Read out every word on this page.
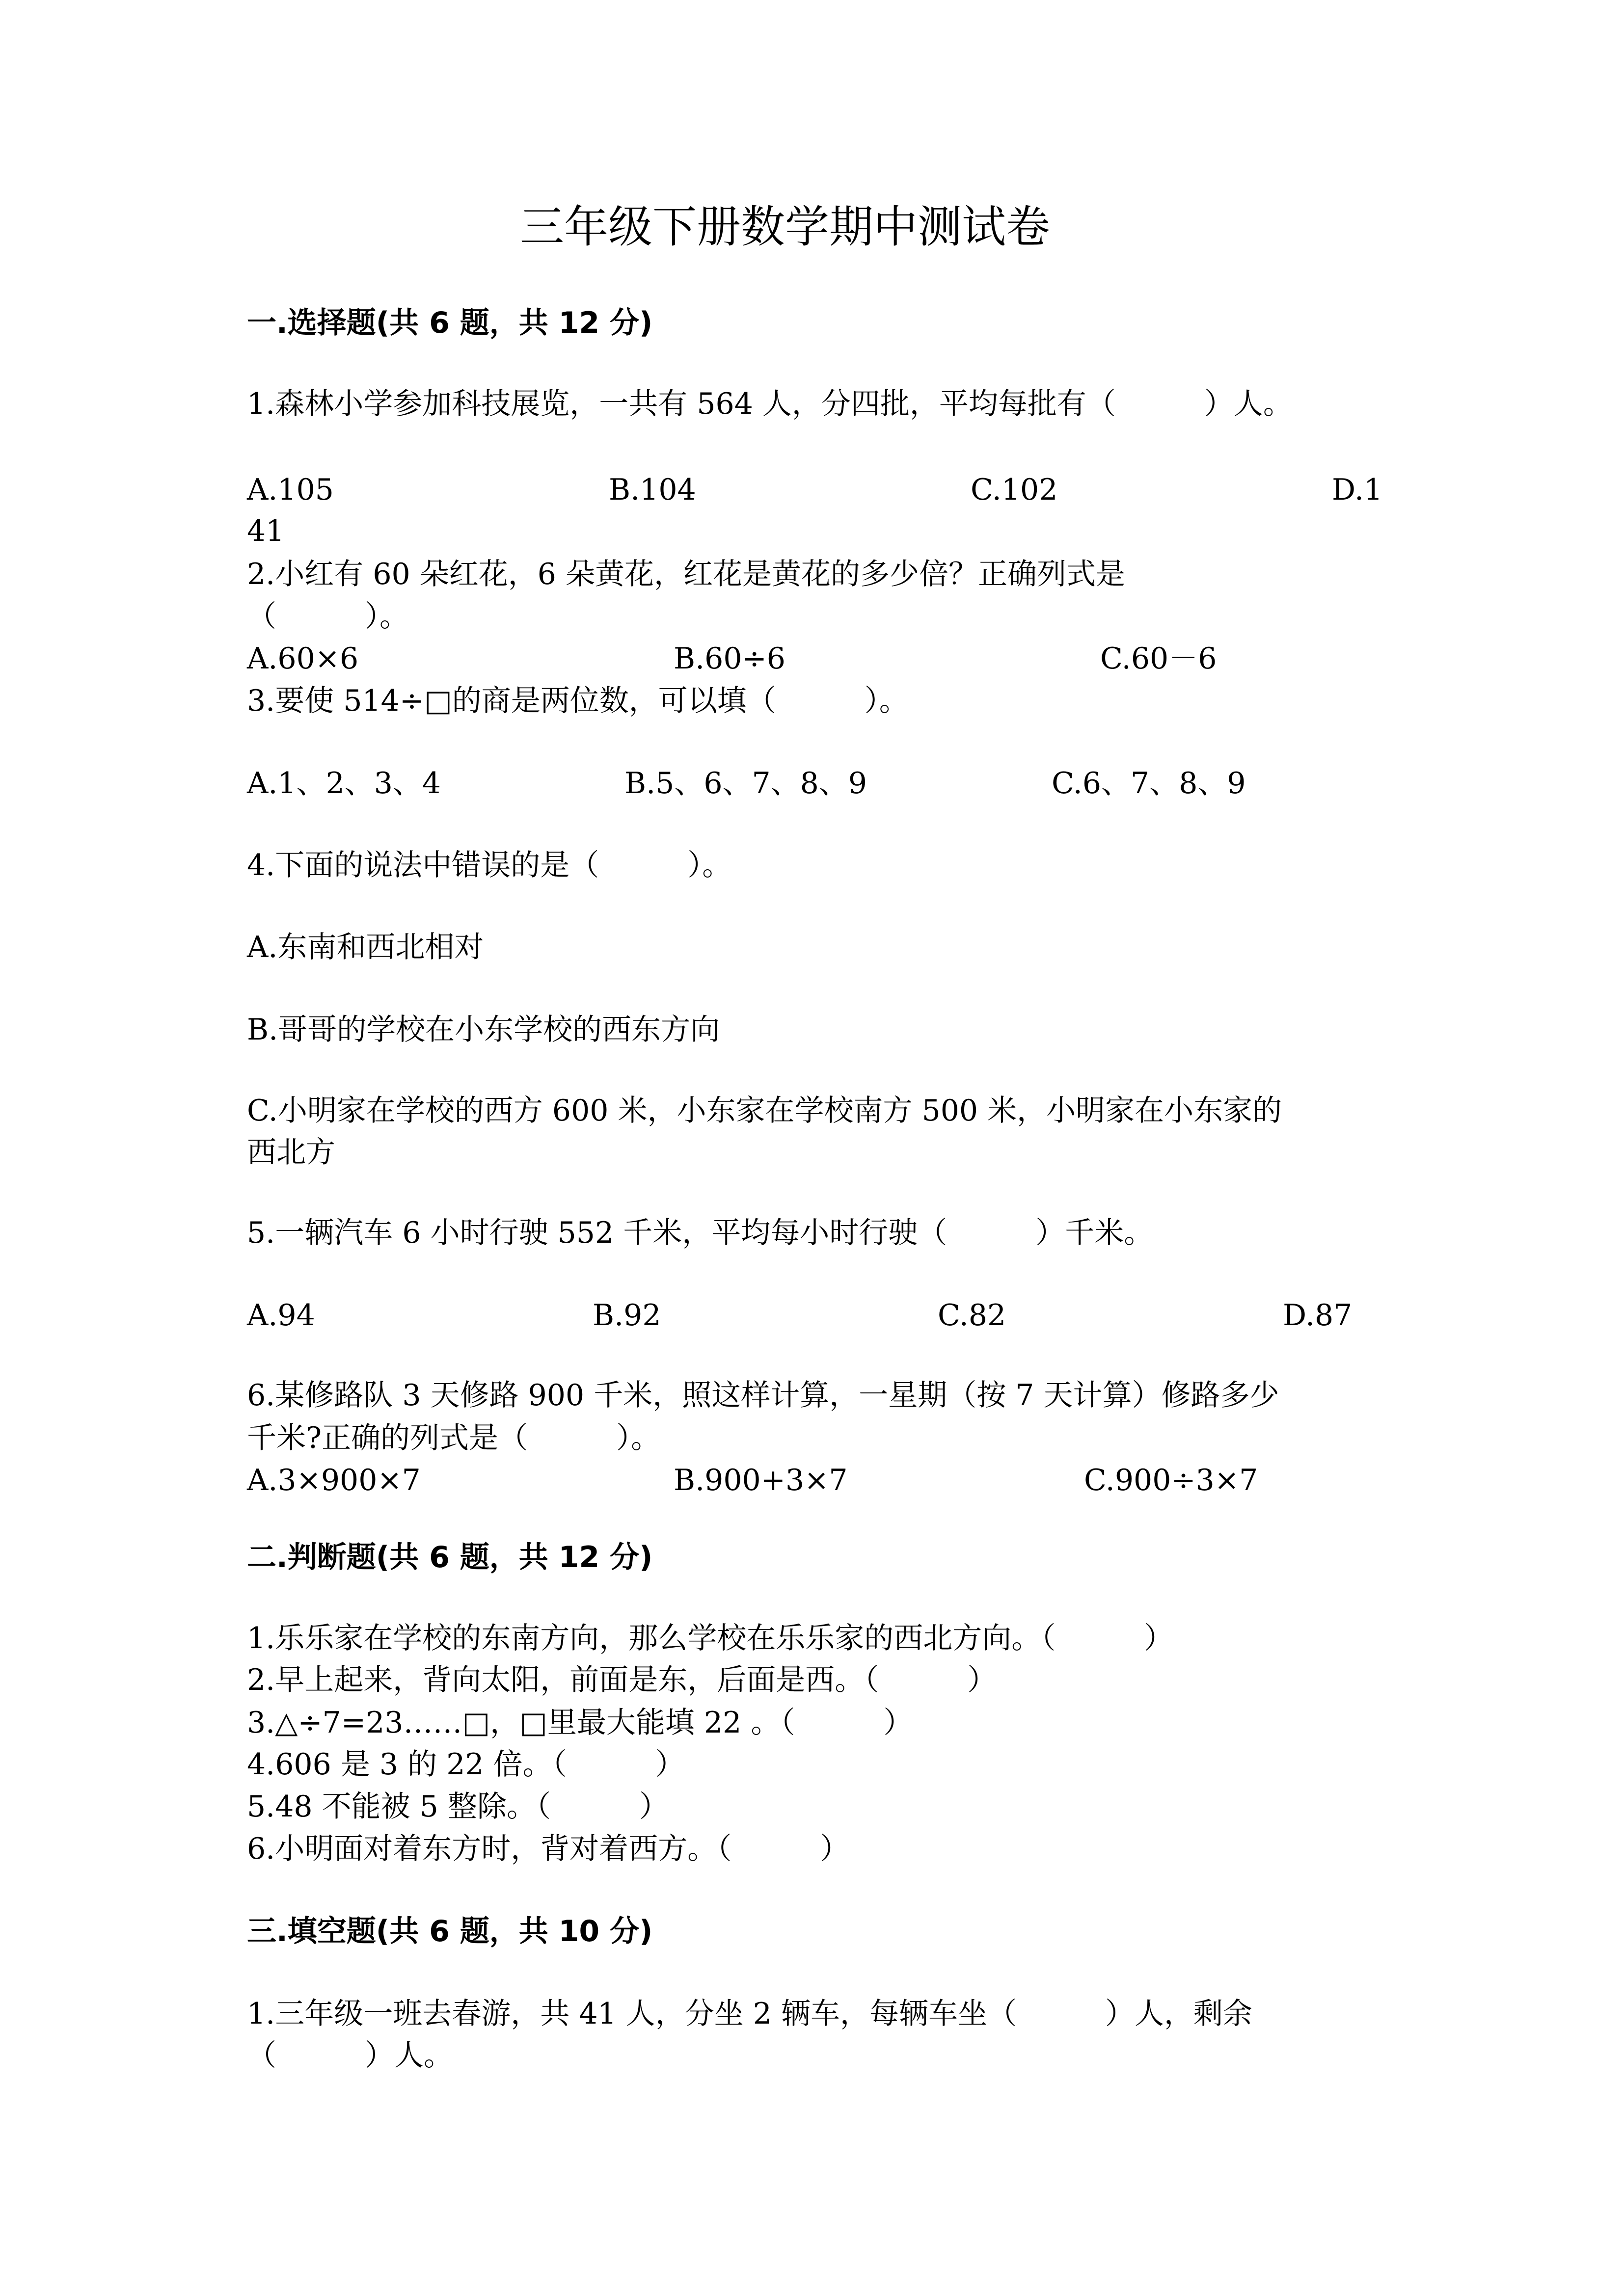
三年级下册数学期中测试卷
一.选择题(共 6 题，共 12 分)
1.森林小学参加科技展览，一共有 564 人，分四批，平均每批有（　　　）人。
A.105	B.104	C.102	D.1
41
2.小红有 60 朵红花，6 朵黄花，红花是黄花的多少倍？正确列式是
（　　　）。
A.60×6	B.60÷6	C.60－6
3.要使 514÷□的商是两位数，可以填（　　　）。
A.1、2、3、4	B.5、6、7、8、9	C.6、7、8、9
4.下面的说法中错误的是（　　　）。
A.东南和西北相对
B.哥哥的学校在小东学校的西东方向
C.小明家在学校的西方 600 米，小东家在学校南方 500 米，小明家在小东家的
西北方
5.一辆汽车 6 小时行驶 552 千米，平均每小时行驶（　　　）千米。
A.94	B.92	C.82	D.87
6.某修路队 3 天修路 900 千米，照这样计算，一星期（按 7 天计算）修路多少
千米?正确的列式是（　　　）。
A.3×900×7	B.900+3×7	C.900÷3×7
二.判断题(共 6 题，共 12 分)
1.乐乐家在学校的东南方向，那么学校在乐乐家的西北方向。（　　　）
2.早上起来，背向太阳，前面是东，后面是西。（　　　）
3.△÷7=23……□，□里最大能填 22 。（　　　）
4.606 是 3 的 22 倍。（　　　）
5.48 不能被 5 整除。（　　　）
6.小明面对着东方时，背对着西方。（　　　）
三.填空题(共 6 题，共 10 分)
1.三年级一班去春游，共 41 人，分坐 2 辆车，每辆车坐（　　　）人，剩余
（　　　）人。
